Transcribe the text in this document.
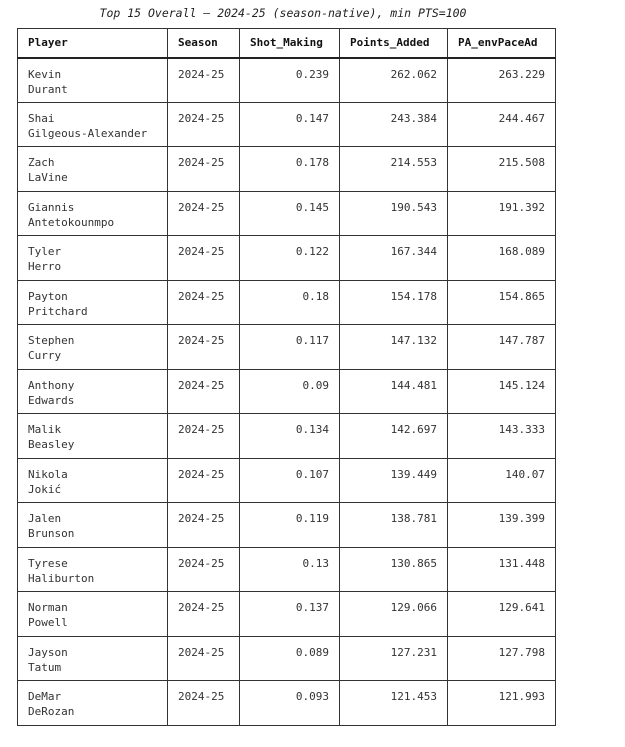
Top 15 Overall — 2024-25 (season-native), min PTS=100
Player	Season	Shot_Making	Points_Added	PA_envPaceAd
Kevin
Durant	2024-25	0.239	262.062	263.229
Shai
Gilgeous-Alexander	2024-25	0.147	243.384	244.467
Zach
LaVine	2024-25	0.178	214.553	215.508
Giannis
Antetokounmpo	2024-25	0.145	190.543	191.392
Tyler
Herro	2024-25	0.122	167.344	168.089
Payton
Pritchard	2024-25	0.18	154.178	154.865
Stephen
Curry	2024-25	0.117	147.132	147.787
Anthony
Edwards	2024-25	0.09	144.481	145.124
Malik
Beasley	2024-25	0.134	142.697	143.333
Nikola
Jokić	2024-25	0.107	139.449	140.07
Jalen
Brunson	2024-25	0.119	138.781	139.399
Tyrese
Haliburton	2024-25	0.13	130.865	131.448
Norman
Powell	2024-25	0.137	129.066	129.641
Jayson
Tatum	2024-25	0.089	127.231	127.798
DeMar
DeRozan	2024-25	0.093	121.453	121.993
